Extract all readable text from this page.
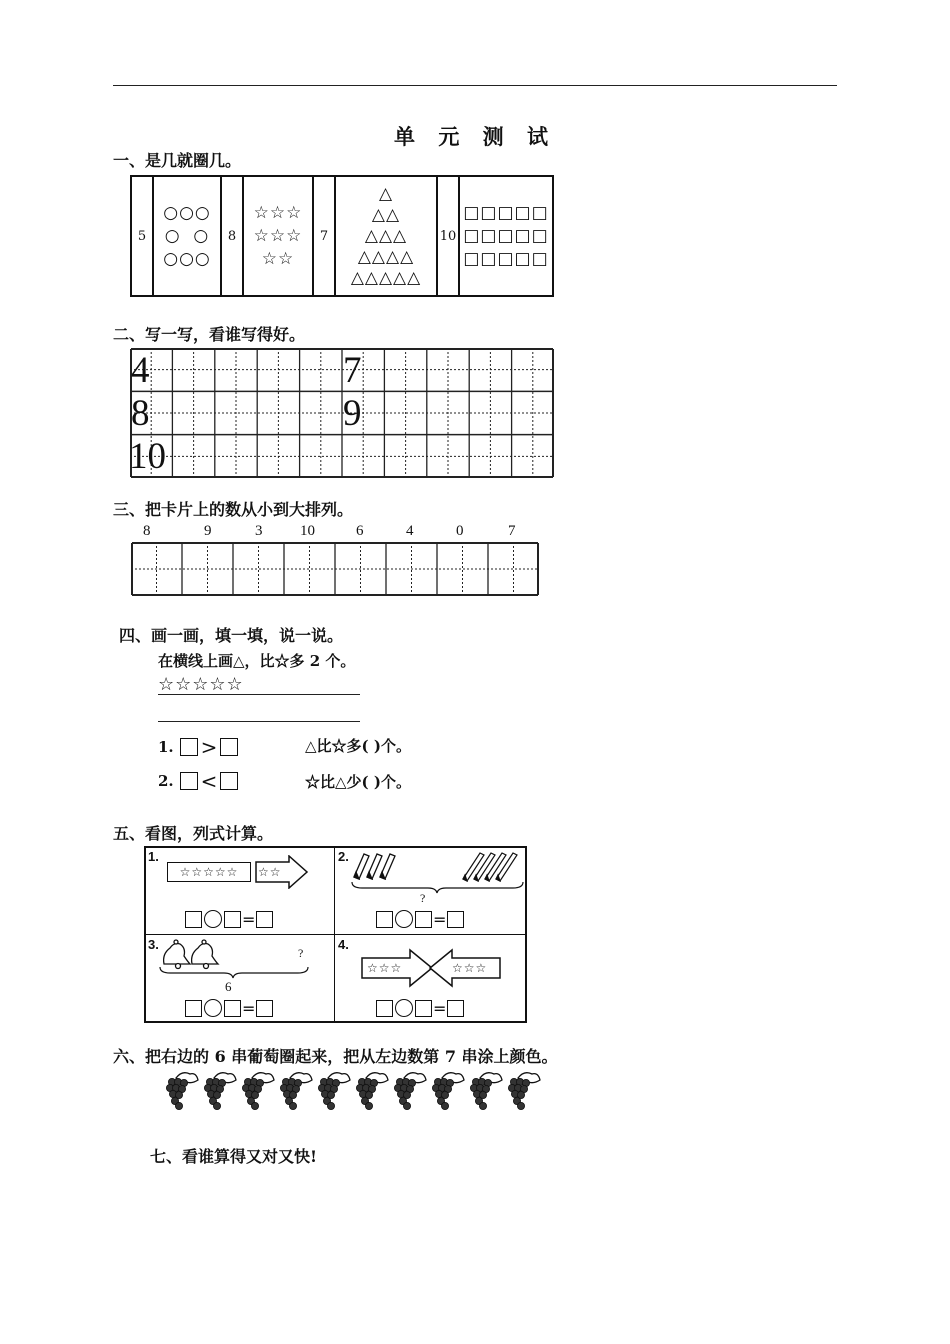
单 元 测 试
一、是几就圈几。
5
○○○
○  ○
○○○
8
☆☆☆
☆☆☆
☆☆
7
△
△△
△△△
△△△△
△△△△△
10
□□□□□
□□□□□
□□□□□
二、写一写，看谁写得好。
4	7
8	9
10
三、把卡片上的数从小到大排列。
8	9	3	10	6	4	0	7
四、画一画，填一填，说一说。
在横线上画△，比☆多 2 个。
☆☆☆☆☆
1. >	△比☆多( )个。
2. <	☆比△少( )个。
五、看图，列式计算。
1.
☆☆☆☆☆	☆☆
=
2.
?
=
3.
?
6
=
4.
☆☆☆	☆☆☆
=
六、把右边的 6 串葡萄圈起来，把从左边数第 7 串涂上颜色。
七、看谁算得又对又快!
